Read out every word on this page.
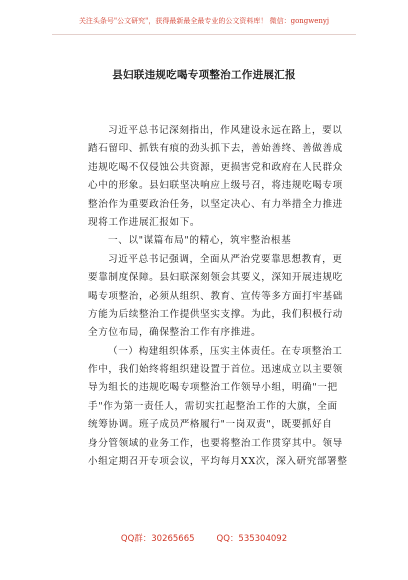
关注头条号"公文研究"，获得最新最全最专业的公文资料库！ 微信：gongwenyj
县妇联违规吃喝专项整治工作进展汇报
习近平总书记深刻指出，作风建设永远在路上，要以
踏石留印、抓铁有痕的劲头抓下去，善始善终、善做善成
违规吃喝不仅侵蚀公共资源，更损害党和政府在人民群众
心中的形象。县妇联坚决响应上级号召，将违规吃喝专项
整治作为重要政治任务，以坚定决心、有力举措全力推进
现将工作进展汇报如下。
一、以"谋篇布局"的精心，筑牢整治根基
习近平总书记强调，全面从严治党要靠思想教育，更
要靠制度保障。县妇联深刻领会其要义，深知开展违规吃
喝专项整治，必须从组织、教育、宣传等多方面打牢基础
方能为后续整治工作提供坚实支撑。为此，我们积极行动
全方位布局，确保整治工作有序推进。
（一）构建组织体系，压实主体责任。在专项整治工
作中，我们始终将组织建设置于首位。迅速成立以主要领
导为组长的违规吃喝专项整治工作领导小组，明确"一把
手"作为第一责任人，需切实扛起整治工作的大旗，全面
统筹协调。班子成员严格履行"一岗双责"，既要抓好自
身分管领域的业务工作，也要将整治工作贯穿其中。领导
小组定期召开专项会议，平均每月XX次，深入研究部署整
QQ群：30265665	QQ：535304092
